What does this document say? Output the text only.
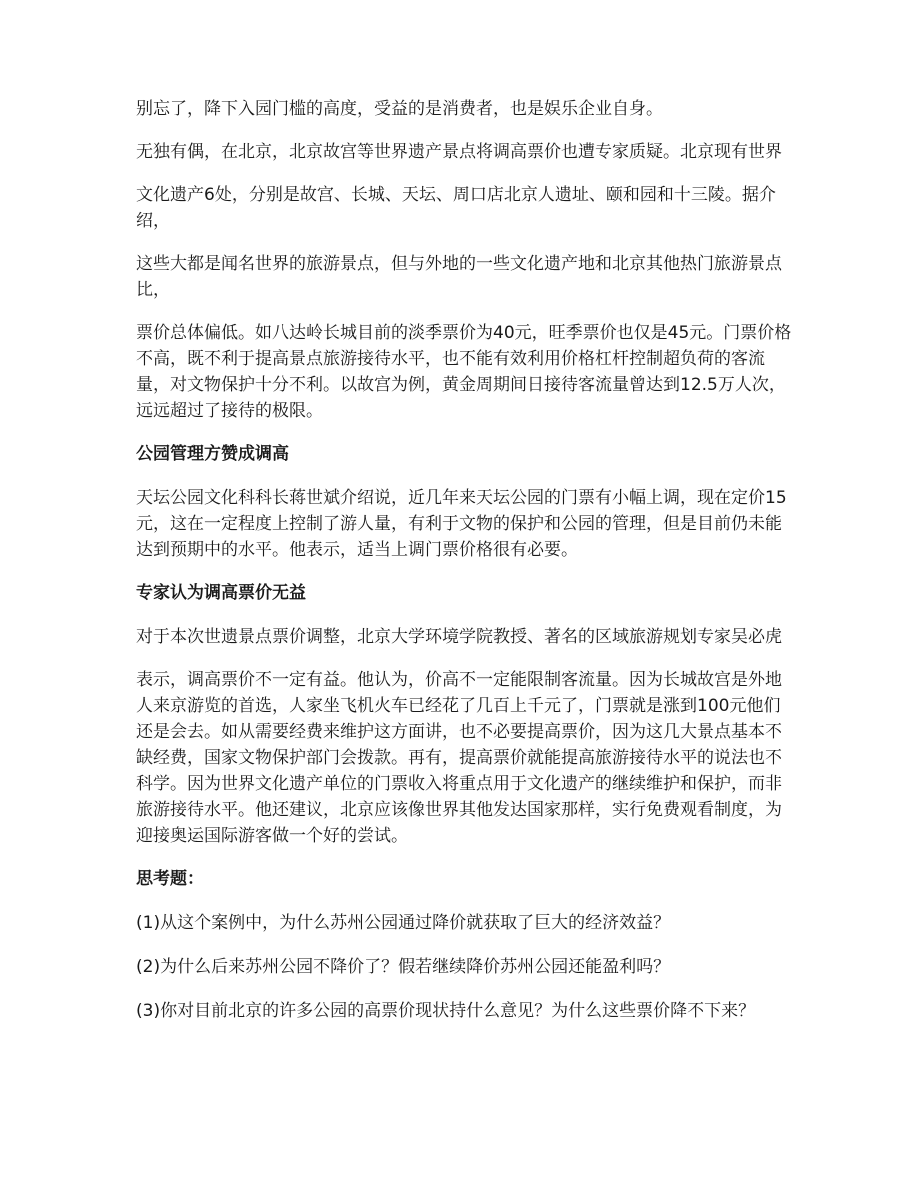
别忘了，降下入园门槛的高度，受益的是消费者，也是娱乐企业自身。

无独有偶，在北京，北京故宫等世界遗产景点将调高票价也遭专家质疑。北京现有世界

文化遗产6处，分别是故宫、长城、天坛、周口店北京人遗址、颐和园和十三陵。据介绍，

这些大都是闻名世界的旅游景点，但与外地的一些文化遗产地和北京其他热门旅游景点比，

票价总体偏低。如八达岭长城目前的淡季票价为40元，旺季票价也仅是45元。门票价格不高，既不利于提高景点旅游接待水平，也不能有效利用价格杠杆控制超负荷的客流量，对文物保护十分不利。以故宫为例，黄金周期间日接待客流量曾达到12.5万人次，远远超过了接待的极限。

公园管理方赞成调高

天坛公园文化科科长蒋世斌介绍说，近几年来天坛公园的门票有小幅上调，现在定价15元，这在一定程度上控制了游人量，有利于文物的保护和公园的管理，但是目前仍未能达到预期中的水平。他表示，适当上调门票价格很有必要。

专家认为调高票价无益

对于本次世遗景点票价调整，北京大学环境学院教授、著名的区域旅游规划专家吴必虎

表示，调高票价不一定有益。他认为，价高不一定能限制客流量。因为长城故宫是外地人来京游览的首选，人家坐飞机火车已经花了几百上千元了，门票就是涨到100元他们还是会去。如从需要经费来维护这方面讲，也不必要提高票价，因为这几大景点基本不缺经费，国家文物保护部门会拨款。再有，提高票价就能提高旅游接待水平的说法也不科学。因为世界文化遗产单位的门票收入将重点用于文化遗产的继续维护和保护，而非旅游接待水平。他还建议，北京应该像世界其他发达国家那样，实行免费观看制度，为迎接奥运国际游客做一个好的尝试。

思考题：

(1)从这个案例中，为什么苏州公园通过降价就获取了巨大的经济效益？

(2)为什么后来苏州公园不降价了？假若继续降价苏州公园还能盈利吗？

(3)你对目前北京的许多公园的高票价现状持什么意见？为什么这些票价降不下来？
